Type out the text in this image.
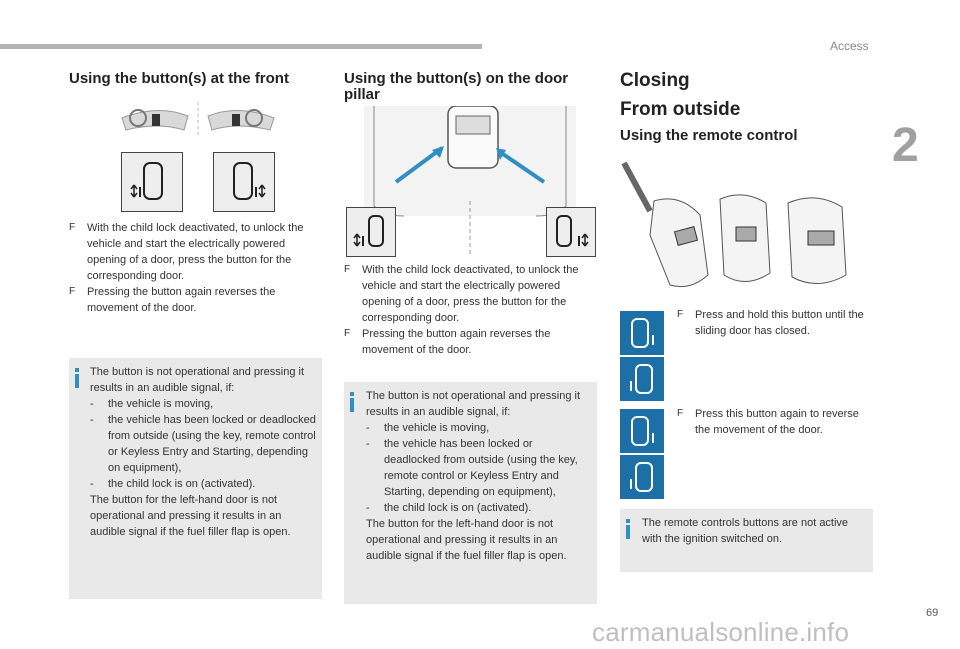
Access
2
Using the button(s) at the front
F With the child lock deactivated, to unlock the vehicle and start the electrically powered opening of a door, press the button for the corresponding door.
F Pressing the button again reverses the movement of the door.
The button is not operational and pressing it results in an audible signal, if:
- the vehicle is moving,
- the vehicle has been locked or deadlocked from outside (using the key, remote control or Keyless Entry and Starting, depending on equipment),
- the child lock is on (activated).
The button for the left-hand door is not operational and pressing it results in an audible signal if the fuel filler flap is open.
Using the button(s) on the door pillar
F With the child lock deactivated, to unlock the vehicle and start the electrically powered opening of a door, press the button for the corresponding door.
F Pressing the button again reverses the movement of the door.
The button is not operational and pressing it results in an audible signal, if:
- the vehicle is moving,
- the vehicle has been locked or deadlocked from outside (using the key, remote control or Keyless Entry and Starting, depending on equipment),
- the child lock is on (activated).
The button for the left-hand door is not operational and pressing it results in an audible signal if the fuel filler flap is open.
Closing
From outside
Using the remote control
F Press and hold this button until the sliding door has closed.
F Press this button again to reverse the movement of the door.
The remote controls buttons are not active with the ignition switched on.
69
carmanualsonline.info
